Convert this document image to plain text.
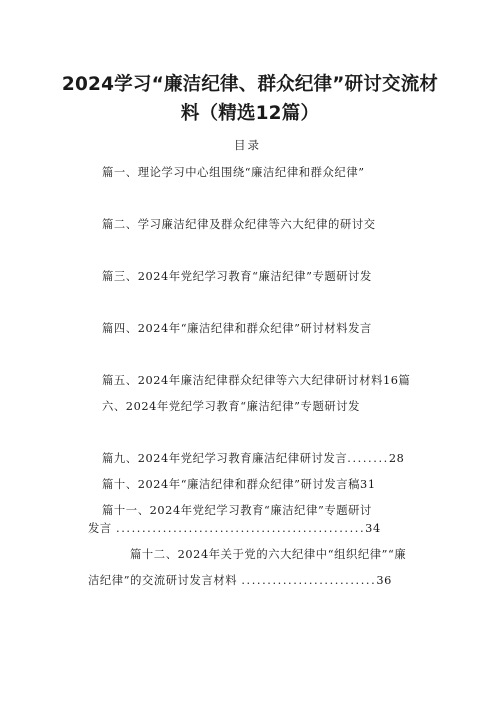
2024学习“廉洁纪律、群众纪律”研讨交流材
料（精选12篇）
目录
篇一、理论学习中心组围绕“廉洁纪律和群众纪律”
篇二、学习廉洁纪律及群众纪律等六大纪律的研讨交
篇三、2024年党纪学习教育“廉洁纪律”专题研讨发
篇四、2024年“廉洁纪律和群众纪律”研讨材料发言
篇五、2024年廉洁纪律群众纪律等六大纪律研讨材料16篇
六、2024年党纪学习教育“廉洁纪律”专题研讨发
篇九、2024年党纪学习教育廉洁纪律研讨发言........28
篇十、2024年“廉洁纪律和群众纪律”研讨发言稿31
篇十一、2024年党纪学习教育“廉洁纪律”专题研讨
发言 ................................................34
篇十二、2024年关于党的六大纪律中“组织纪律”“廉
洁纪律”的交流研讨发言材料 ..........................36
